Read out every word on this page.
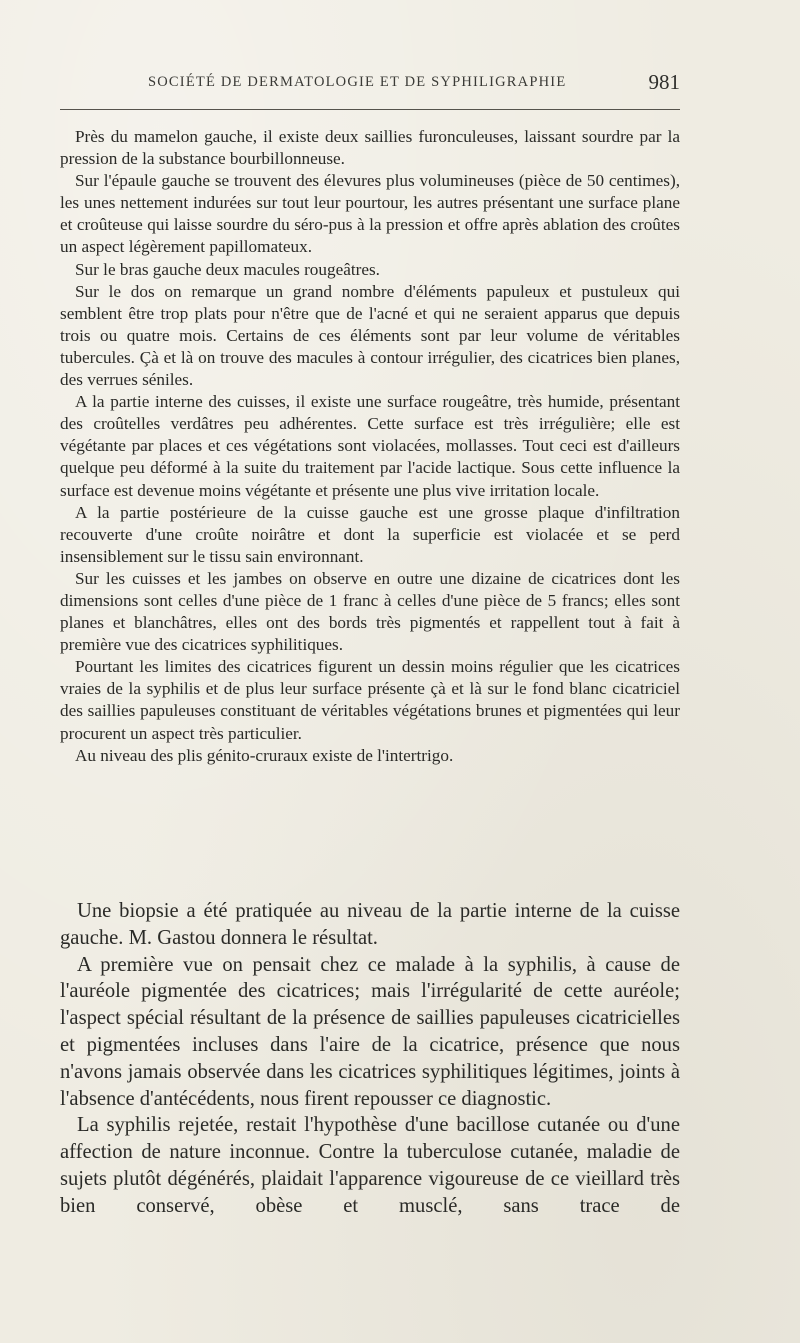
SOCIÉTÉ DE DERMATOLOGIE ET DE SYPHILIGRAPHIE	981

Près du mamelon gauche, il existe deux saillies furonculeuses, laissant sourdre par la pression de la substance bourbillonneuse.

Sur l'épaule gauche se trouvent des élevures plus volumineuses (pièce de 50 centimes), les unes nettement indurées sur tout leur pourtour, les autres présentant une surface plane et croûteuse qui laisse sourdre du séro-pus à la pression et offre après ablation des croûtes un aspect légèrement papillomateux.

Sur le bras gauche deux macules rougeâtres.

Sur le dos on remarque un grand nombre d'éléments papuleux et pustuleux qui semblent être trop plats pour n'être que de l'acné et qui ne seraient apparus que depuis trois ou quatre mois. Certains de ces éléments sont par leur volume de véritables tubercules. Çà et là on trouve des macules à contour irrégulier, des cicatrices bien planes, des verrues séniles.

A la partie interne des cuisses, il existe une surface rougeâtre, très humide, présentant des croûtelles verdâtres peu adhérentes. Cette surface est très irrégulière; elle est végétante par places et ces végétations sont violacées, mollasses. Tout ceci est d'ailleurs quelque peu déformé à la suite du traitement par l'acide lactique. Sous cette influence la surface est devenue moins végétante et présente une plus vive irritation locale.

A la partie postérieure de la cuisse gauche est une grosse plaque d'infiltration recouverte d'une croûte noirâtre et dont la superficie est violacée et se perd insensiblement sur le tissu sain environnant.

Sur les cuisses et les jambes on observe en outre une dizaine de cicatrices dont les dimensions sont celles d'une pièce de 1 franc à celles d'une pièce de 5 francs; elles sont planes et blanchâtres, elles ont des bords très pigmentés et rappellent tout à fait à première vue des cicatrices syphilitiques.

Pourtant les limites des cicatrices figurent un dessin moins régulier que les cicatrices vraies de la syphilis et de plus leur surface présente çà et là sur le fond blanc cicatriciel des saillies papuleuses constituant de véritables végétations brunes et pigmentées qui leur procurent un aspect très particulier.

Au niveau des plis génito-cruraux existe de l'intertrigo.

Une biopsie a été pratiquée au niveau de la partie interne de la cuisse gauche. M. Gastou donnera le résultat.

A première vue on pensait chez ce malade à la syphilis, à cause de l'auréole pigmentée des cicatrices; mais l'irrégularité de cette auréole; l'aspect spécial résultant de la présence de saillies papuleuses cicatricielles et pigmentées incluses dans l'aire de la cicatrice, présence que nous n'avons jamais observée dans les cicatrices syphilitiques légitimes, joints à l'absence d'antécédents, nous firent repousser ce diagnostic.

La syphilis rejetée, restait l'hypothèse d'une bacillose cutanée ou d'une affection de nature inconnue. Contre la tuberculose cutanée, maladie de sujets plutôt dégénérés, plaidait l'apparence vigoureuse de ce vieillard très bien conservé, obèse et musclé, sans trace de
